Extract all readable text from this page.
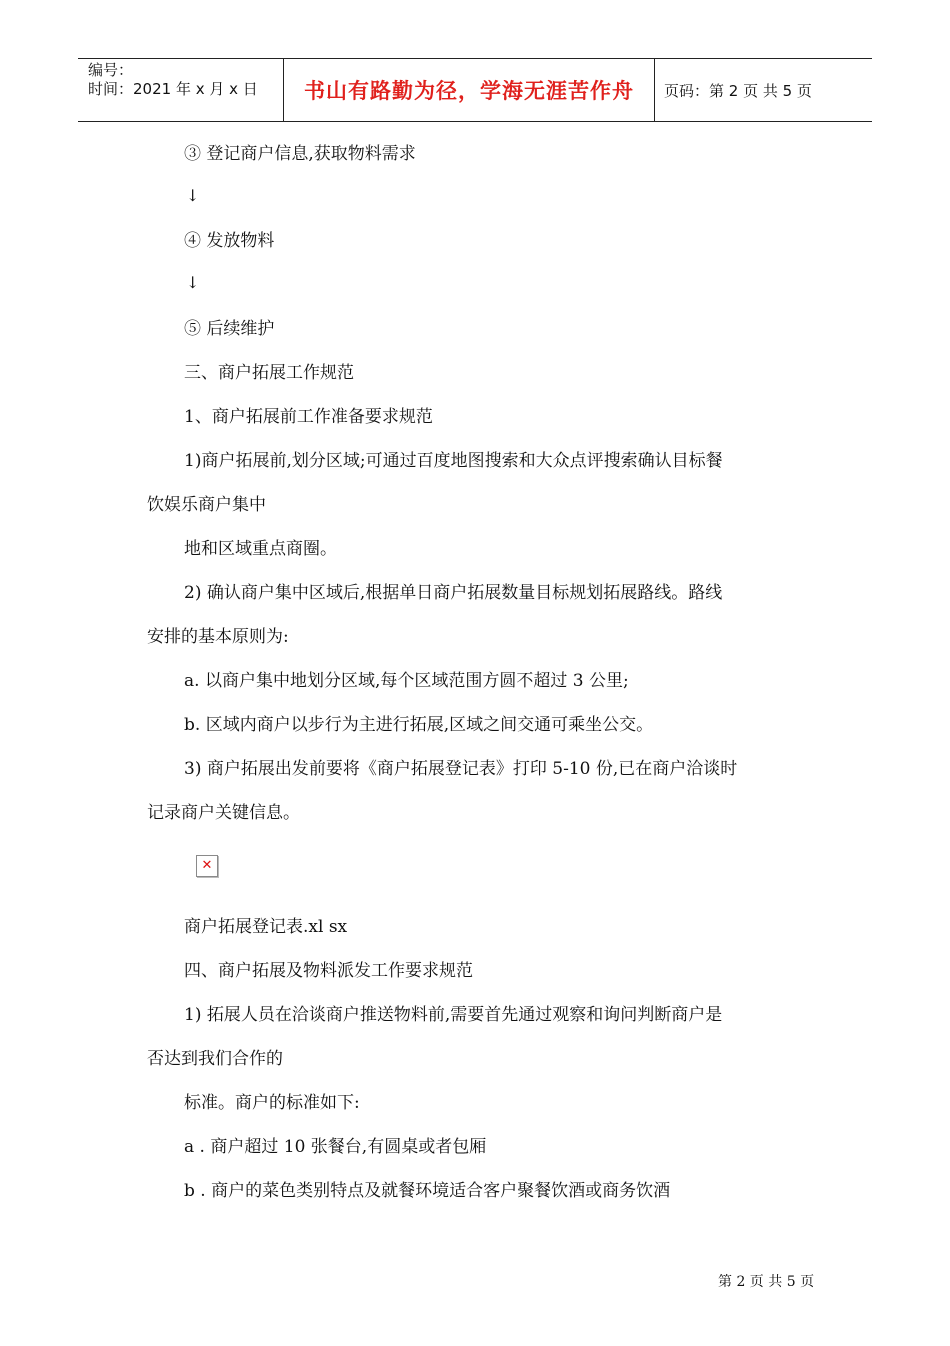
编号：
时间：2021 年 x 月 x 日	书山有路勤为径，学海无涯苦作舟	页码：第 2 页 共 5 页
③ 登记商户信息,获取物料需求
↓
④ 发放物料
↓
⑤ 后续维护
三、商户拓展工作规范
1、商户拓展前工作准备要求规范
1)商户拓展前,划分区域;可通过百度地图搜索和大众点评搜索确认目标餐
饮娱乐商户集中
地和区域重点商圈。
2) 确认商户集中区域后,根据单日商户拓展数量目标规划拓展路线。路线
安排的基本原则为:
a. 以商户集中地划分区域,每个区域范围方圆不超过 3 公里;
b. 区域内商户以步行为主进行拓展,区域之间交通可乘坐公交。
3) 商户拓展出发前要将《商户拓展登记表》打印 5-10 份,已在商户洽谈时
记录商户关键信息。
✕
商户拓展登记表.xl sx
四、商户拓展及物料派发工作要求规范
1) 拓展人员在洽谈商户推送物料前,需要首先通过观察和询问判断商户是
否达到我们合作的
标准。商户的标准如下:
a . 商户超过 10 张餐台,有圆桌或者包厢
b . 商户的菜色类别特点及就餐环境适合客户聚餐饮酒或商务饮酒
第 2 页 共 5 页
